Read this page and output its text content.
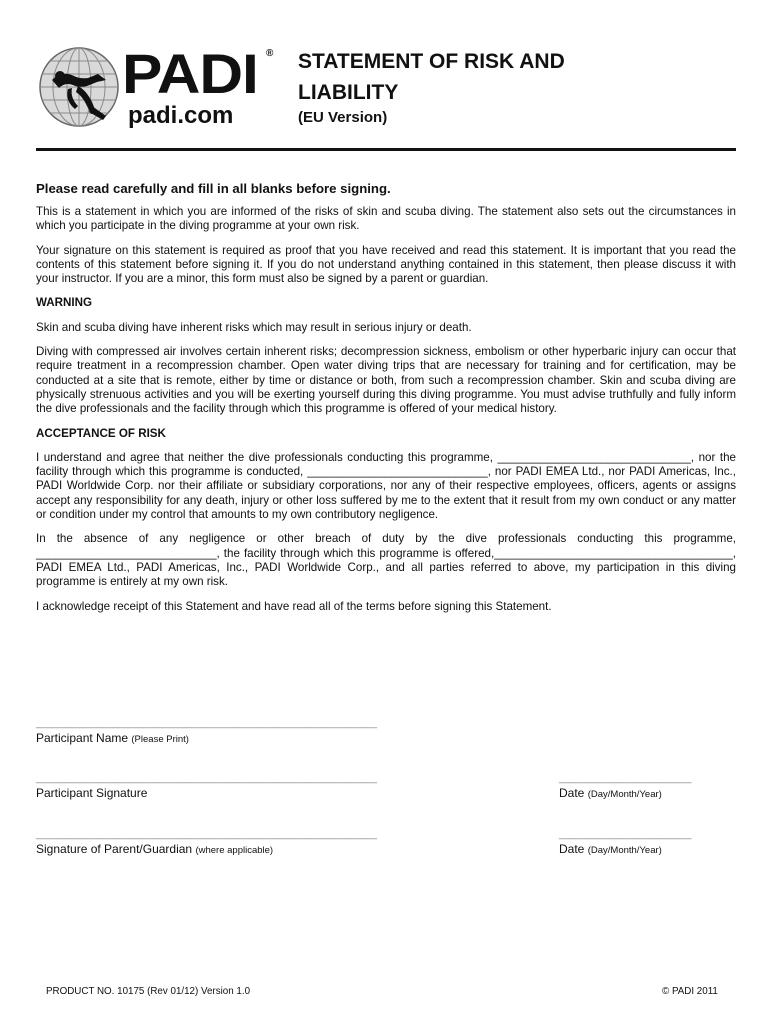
PADI ®
padi.com
STATEMENT OF RISK AND
LIABILITY
(EU Version)
Please read carefully and fill in all blanks before signing.

This is a statement in which you are informed of the risks of skin and scuba diving. The statement also sets out the circumstances in which you participate in the diving programme at your own risk.

Your signature on this statement is required as proof that you have received and read this statement. It is important that you read the contents of this statement before signing it. If you do not understand anything contained in this statement, then please discuss it with your instructor. If you are a minor, this form must also be signed by a parent or guardian.

WARNING

Skin and scuba diving have inherent risks which may result in serious injury or death.

Diving with compressed air involves certain inherent risks; decompression sickness, embolism or other hyperbaric injury can occur that require treatment in a recompression chamber. Open water diving trips that are necessary for training and for certification, may be conducted at a site that is remote, either by time or distance or both, from such a recompression chamber. Skin and scuba diving are physically strenuous activities and you will be exerting yourself during this diving programme. You must advise truthfully and fully inform the dive professionals and the facility through which this programme is offered of your medical history.

ACCEPTANCE OF RISK

I understand and agree that neither the dive professionals conducting this programme, ______________________________, nor the facility through which this programme is conducted, ____________________________, nor PADI EMEA Ltd., nor PADI Americas, Inc., PADI Worldwide Corp. nor their affiliate or subsidiary corporations, nor any of their respective employees, officers, agents or assigns accept any responsibility for any death, injury or other loss suffered by me to the extent that it result from my own conduct or any matter or condition under my control that amounts to my own contributory negligence.

In the absence of any negligence or other breach of duty by the dive professionals conducting this programme, ____________________________, the facility through which this programme is offered,_____________________________________, PADI EMEA Ltd., PADI Americas, Inc., PADI Worldwide Corp., and all parties referred to above, my participation in this diving programme is entirely at my own risk.

I acknowledge receipt of this Statement and have read all of the terms before signing this Statement.

______________________________________________________
Participant Name (Please Print)
______________________________________________________
Participant Signature
_____________________
Date (Day/Month/Year)
______________________________________________________
Signature of Parent/Guardian (where applicable)
_____________________
Date (Day/Month/Year)
PRODUCT NO. 10175 (Rev 01/12) Version 1.0	© PADI 2011
